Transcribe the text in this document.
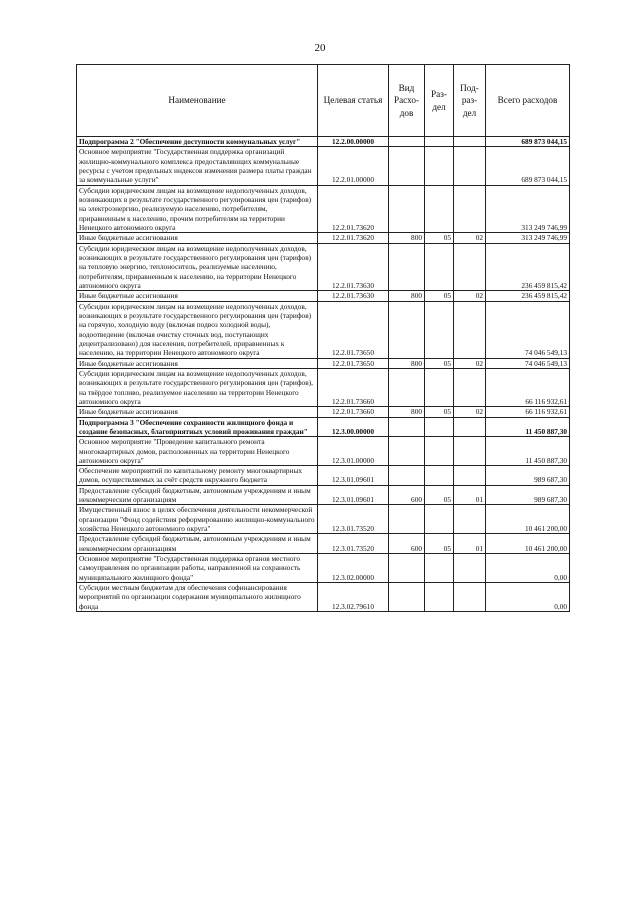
20
Наименование	Целевая статья	Вид Расхо-дов	Раз-дел	Под-раз-дел	Всего расходов
Подпрограмма 2 "Обеспечение доступности коммунальных услуг"	12.2.00.00000				689 873 044,15
Основное мероприятие "Государственная поддержка организаций жилищно-коммунального комплекса предоставляющих коммунальные ресурсы с учетом предельных индексов изменения размера платы граждан за коммунальные услуги"	12.2.01.00000				689 873 044,15
Субсидии юридическим лицам на возмещение недополученных доходов, возникающих в результате государственного регулирования цен (тарифов) на электроэнергию, реализуемую населению, потребителям, приравненным к населению, прочим потребителям на территории Ненецкого автономного округа	12.2.01.73620				313 249 746,99
Иные бюджетные ассигнования	12.2.01.73620	800	05	02	313 249 746,99
Субсидии юридическим лицам на возмещение недополученных доходов, возникающих в результате государственного регулирования цен (тарифов) на тепловую энергию, теплоноситель, реализуемые населению, потребителям, приравненным к населению, на территории Ненецкого автономного округа	12.2.01.73630				236 459 815,42
Иные бюджетные ассигнования	12.2.01.73630	800	05	02	236 459 815,42
Субсидии юридическим лицам на возмещение недополученных доходов, возникающих в результате государственного регулирования цен (тарифов) на горячую, холодную воду (включая подвоз холодной воды), водоотведение (включая очистку сточных вод, поступающих децентрализовано) для населения, потребителей, приравненных к населению, на территории Ненецкого автономного округа	12.2.01.73650				74 046 549,13
Иные бюджетные ассигнования	12.2.01.73650	800	05	02	74 046 549,13
Субсидии юридическим лицам на возмещение недополученных доходов, возникающих в результате государственного регулирования цен (тарифов), на твёрдое топливо, реализуемое населению на территории Ненецкого автономного округа	12.2.01.73660				66 116 932,61
Иные бюджетные ассигнования	12.2.01.73660	800	05	02	66 116 932,61
Подпрограмма 3 "Обеспечение сохранности жилищного фонда и создание безопасных, благоприятных условий проживания граждан"	12.3.00.00000				11 450 887,30
Основное мероприятие "Проведение капитального ремонта многоквартирных домов, расположенных на территории Ненецкого автономного округа"	12.3.01.00000				11 450 887,30
Обеспечение мероприятий по капитальному ремонту многоквартирных домов, осуществляемых за счёт средств окружного бюджета	12.3.01.09601				989 687,30
Предоставление субсидий бюджетным, автономным учреждениям и иным некоммерческим организациям	12.3.01.09601	600	05	01	989 687,30
Имущественный взнос в целях обеспечения деятельности некоммерческой организации "Фонд содействия реформированию жилищно-коммунального хозяйства Ненецкого автономного округа"	12.3.01.73520				10 461 200,00
Предоставление субсидий бюджетным, автономным учреждениям и иным некоммерческим организациям	12.3.01.73520	600	05	01	10 461 200,00
Основное мероприятие "Государственная поддержка органов местного самоуправления по организации работы, направленной на сохранность муниципального жилищного фонда"	12.3.02.00000				0,00
Субсидии местным бюджетам для обеспечения софинансирования мероприятий по организации содержания муниципального жилищного фонда	12.3.02.79610				0,00
